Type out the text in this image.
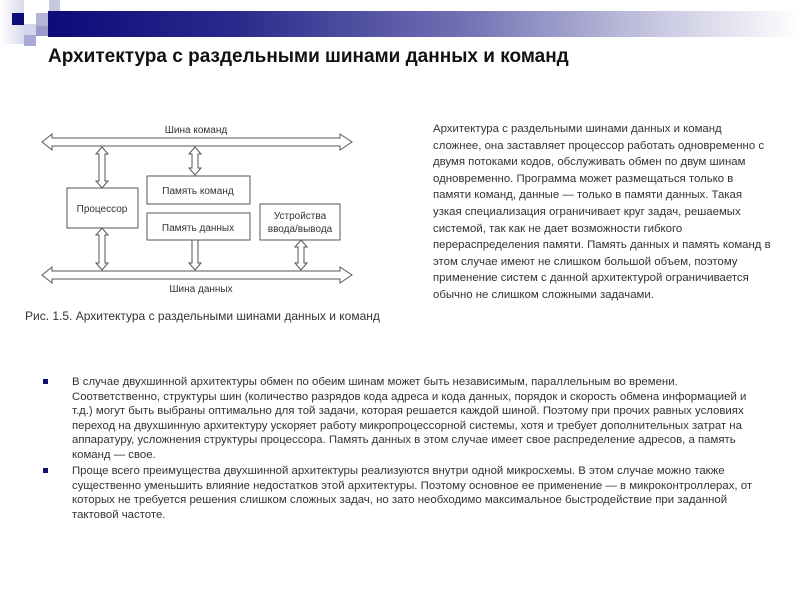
Архитектура с раздельными шинами данных и команд
Шина команд
Шина данных
Процессор
Память команд
Память данных
Устройства
ввода/вывода
Рис. 1.5. Архитектура с раздельными шинами данных и команд
Архитектура с раздельными шинами данных и команд сложнее, она заставляет процессор работать одновременно с двумя потоками кодов, обслуживать обмен по двум шинам одновременно. Программа может размещаться только в памяти команд, данные — только в памяти данных. Такая узкая специализация ограничивает круг задач, решаемых системой, так как не дает возможности гибкого перераспределения памяти. Память данных и память команд в этом случае имеют не слишком большой объем, поэтому применение систем с данной архитектурой ограничивается обычно не слишком сложными задачами.
В случае двухшинной архитектуры обмен по обеим шинам может быть независимым, параллельным во времени. Соответственно, структуры шин (количество разрядов кода адреса и кода данных, порядок и скорость обмена информацией и т.д.) могут быть выбраны оптимально для той задачи, которая решается каждой шиной. Поэтому при прочих равных условиях переход на двухшинную архитектуру ускоряет работу микропроцессорной системы, хотя и требует дополнительных затрат на аппаратуру, усложнения структуры процессора. Память данных в этом случае имеет свое распределение адресов, а память команд — свое.
Проще всего преимущества двухшинной архитектуры реализуются внутри одной микросхемы. В этом случае можно также существенно уменьшить влияние недостатков этой архитектуры. Поэтому основное ее применение — в микроконтроллерах, от которых не требуется решения слишком сложных задач, но зато необходимо максимальное быстродействие при заданной тактовой частоте.
